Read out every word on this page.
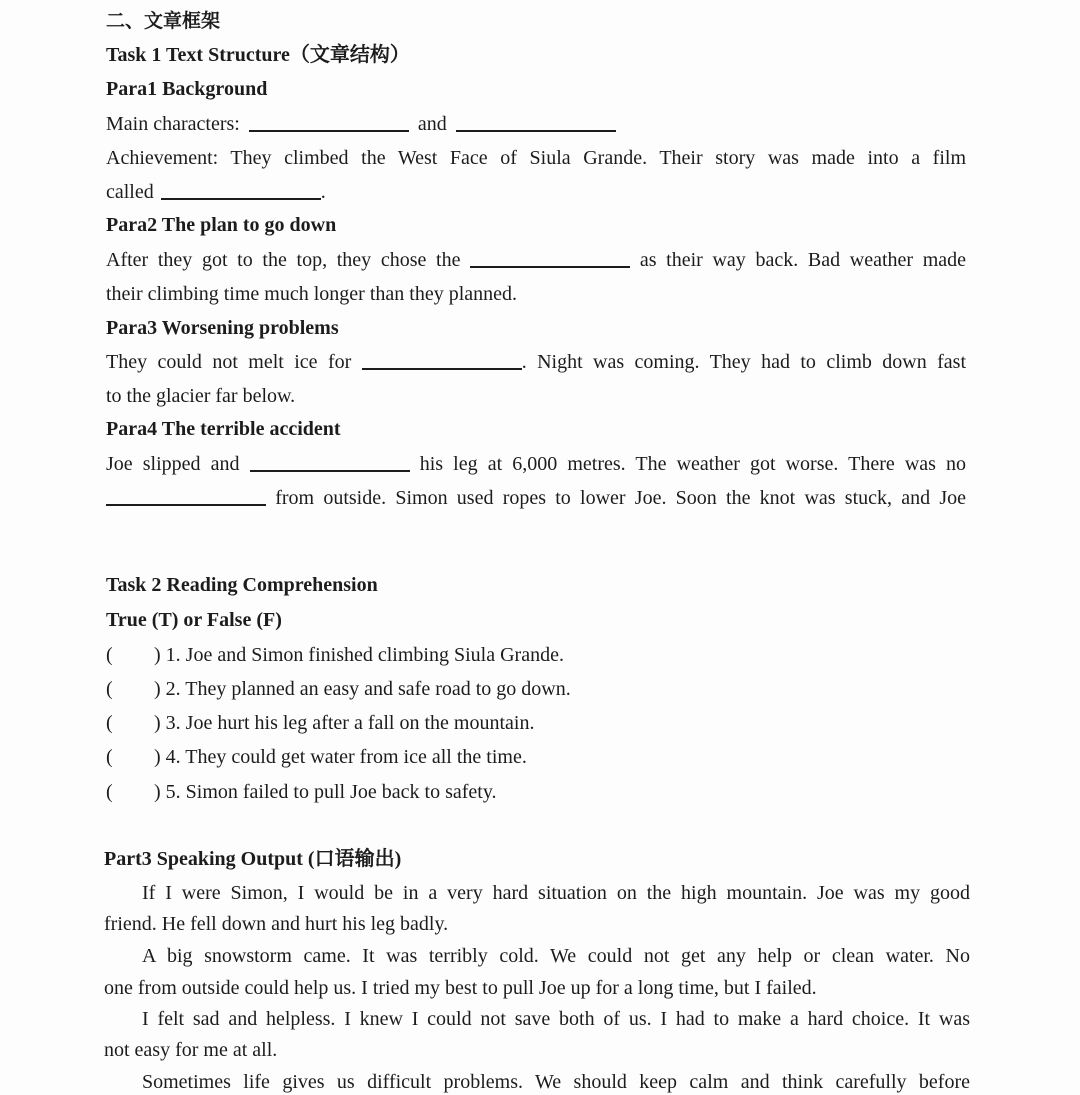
二、文章框架
Task 1 Text Structure（文章结构）
Para1 Background
Main characters:	and
Achievement: They climbed the West Face of Siula Grande. Their story was made into a film
called	.
Para2 The plan to go down
After they got to the top, they chose the	as their way back. Bad weather made
their climbing time much longer than they planned.
Para3 Worsening problems
They could not melt ice for	. Night was coming. They had to climb down fast
to the glacier far below.
Para4 The terrible accident
Joe slipped and	his leg at 6,000 metres. The weather got worse. There was no
from outside. Simon used ropes to lower Joe. Soon the knot was stuck, and Joe
Task 2 Reading Comprehension
True (T) or False (F)
( ) 1. Joe and Simon finished climbing Siula Grande.
( ) 2. They planned an easy and safe road to go down.
( ) 3. Joe hurt his leg after a fall on the mountain.
( ) 4. They could get water from ice all the time.
( ) 5. Simon failed to pull Joe back to safety.
Part3 Speaking Output (口语输出)
If I were Simon, I would be in a very hard situation on the high mountain. Joe was my good
friend. He fell down and hurt his leg badly.
A big snowstorm came. It was terribly cold. We could not get any help or clean water. No
one from outside could help us. I tried my best to pull Joe up for a long time, but I failed.
I felt sad and helpless. I knew I could not save both of us. I had to make a hard choice. It was
not easy for me at all.
Sometimes life gives us difficult problems. We should keep calm and think carefully before
